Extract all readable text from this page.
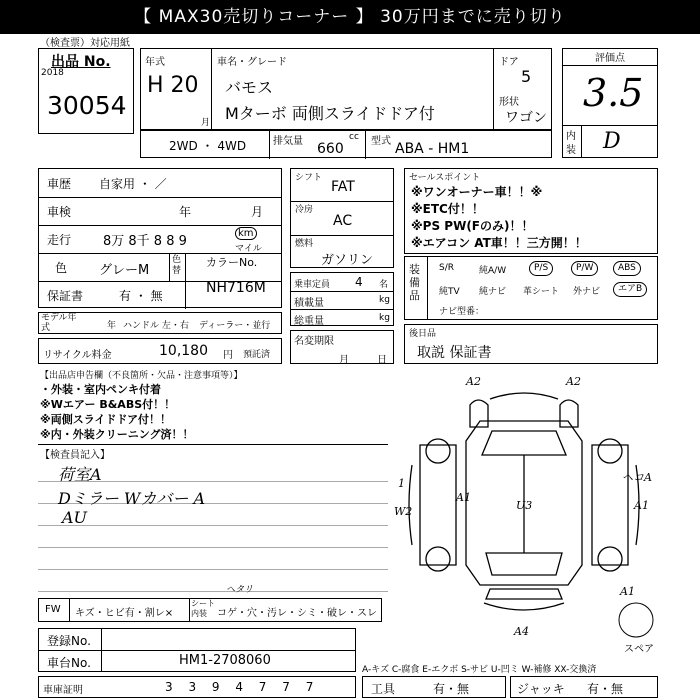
【 MAX30売切りコーナー 】 30万円までに売り切り
（検査票）対応用紙
出品 No.
2018
30054
年式
H 20
月
車名・グレード
バモス
Mターボ 両側スライドドア付
ドア
5
形状
ワゴン
2WD ・ 4WD	排気量	cc
660	型式 ABA - HM1
評価点
3.5
内
装 D
車歴 自家用 ・ ／
車検	年	月
走行 8万 8千 8 8 9
km
マイル
色 グレーM
色替
保証書	有 ・ 無
カラーNo.
NH716M
モデル年式	年 ハンドル 左・右 ディーラー・並行
リサイクル料金	10,180 円 預託済
シフト
FAT
冷房
AC
燃料
ガソリン
乗車定員 4 名
積載量	kg
総重量	kg
名変期限
月	日
セールスポイント
※ワンオーナー車！！※
※ETC付！！
※PS PW(Fのみ)！！
※エアコン AT車！！三方開！！
装備品
S/R	純A/W	P/S	P/W	ABS
純TV 純ナビ 革シート 外ナビ	エアB
ナビ型番：
後日品
取説 保証書
【出品店申告欄（不良箇所・欠品・注意事項等）】
・外装・室内ペンキ付着
※Wエアー B&ABS付！！
※両側スライドドア付！！
※内・外装クリーニング済！！
【検査員記入】
荷室A
Dミラー Wカバー A
AU
FW キズ・ヒビ有・割レ×
シート内装	コゲ・穴・汚レ・シミ・破レ・スレ
ヘタリ
登録No.
車台No.	HM1-2708060
車庫証明	3 3 9 4 7 7 7
A-キズ C-腐食 E-エクボ S-サビ U-凹ミ W-補修 XX-交換済
工具	有・無	ジャッキ 有・無
スペア
A2	A2
A1
U3	A1
A4
W2
1
A1
ヘコA
